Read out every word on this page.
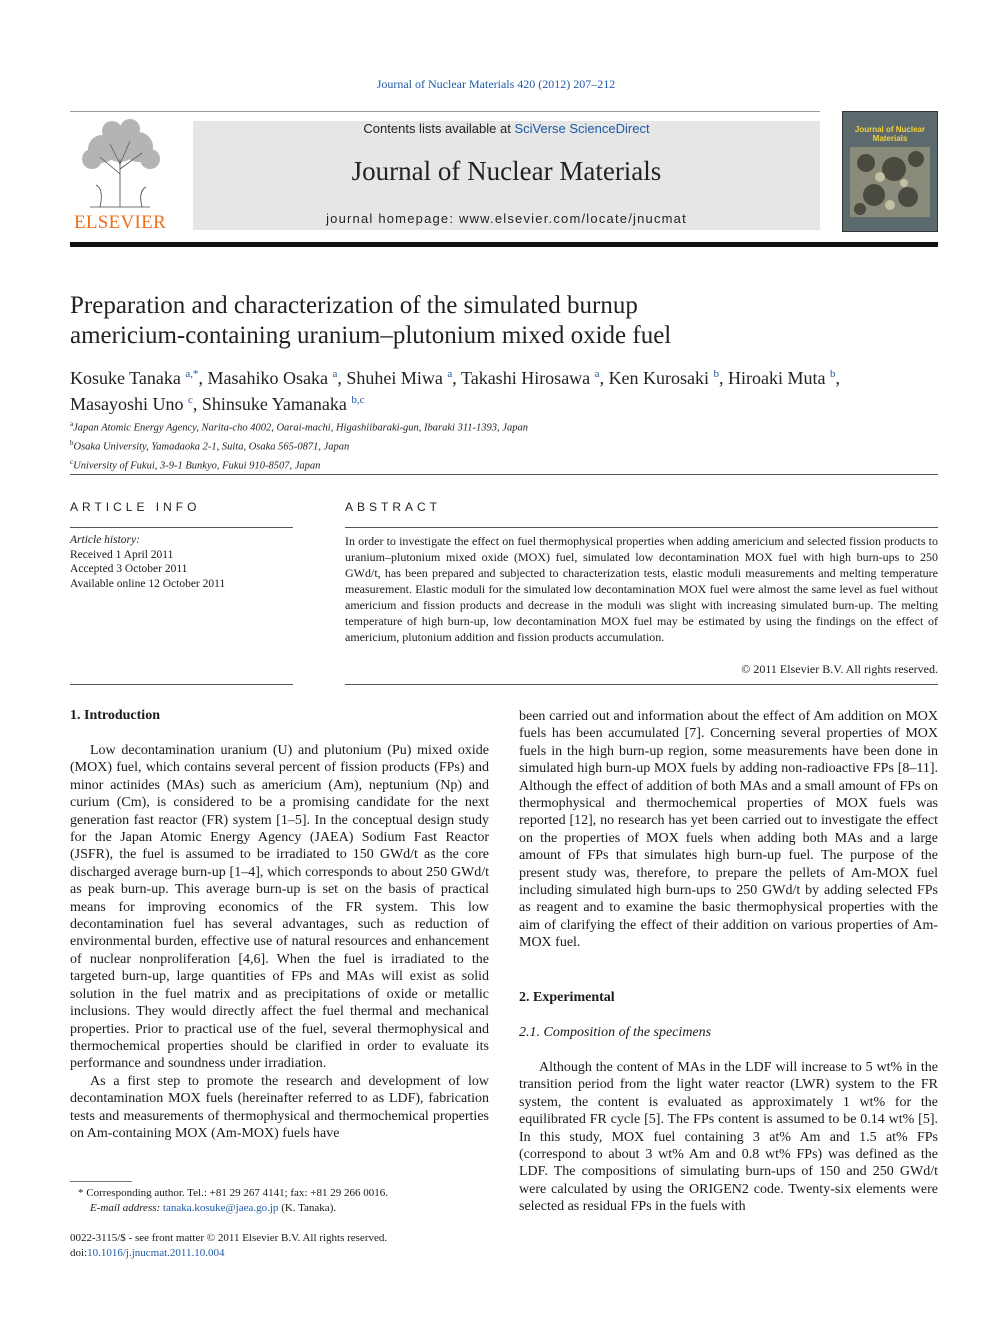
Journal of Nuclear Materials 420 (2012) 207–212
ELSEVIER
Contents lists available at SciVerse ScienceDirect
Journal of Nuclear Materials
journal homepage: www.elsevier.com/locate/jnucmat
Journal of Nuclear Materials
Preparation and characterization of the simulated burnup
americium-containing uranium–plutonium mixed oxide fuel
Kosuke Tanaka $^{a,*}$, Masahiko Osaka $^a$, Shuhei Miwa $^a$, Takashi Hirosawa $^a$, Ken Kurosaki $^b$, Hiroaki Muta $^b$,
Masayoshi Uno $^c$, Shinsuke Yamanaka $^{b,c}$
$^a$Japan Atomic Energy Agency, Narita-cho 4002, Oarai-machi, Higashiibaraki-gun, Ibaraki 311-1393, Japan
$^b$Osaka University, Yamadaoka 2-1, Suita, Osaka 565-0871, Japan
$^c$University of Fukui, 3-9-1 Bunkyo, Fukui 910-8507, Japan
ARTICLE INFO
Article history:
Received 1 April 2011
Accepted 3 October 2011
Available online 12 October 2011
ABSTRACT
In order to investigate the effect on fuel thermophysical properties when adding americium and selected fission products to uranium–plutonium mixed oxide (MOX) fuel, simulated low decontamination MOX fuel with high burn-ups to 250 GWd/t, has been prepared and subjected to characterization tests, elastic moduli measurements and melting temperature measurement. Elastic moduli for the simulated low decontamination MOX fuel were almost the same level as fuel without americium and fission products and decrease in the moduli was slight with increasing simulated burn-up. The melting temperature of high burn-up, low decontamination MOX fuel may be estimated by using the findings on the effect of americium, plutonium addition and fission products accumulation.
© 2011 Elsevier B.V. All rights reserved.
1. Introduction

Low decontamination uranium (U) and plutonium (Pu) mixed oxide (MOX) fuel, which contains several percent of fission products (FPs) and minor actinides (MAs) such as americium (Am), neptunium (Np) and curium (Cm), is considered to be a promising candidate for the next generation fast reactor (FR) system [1–5]. In the conceptual design study for the Japan Atomic Energy Agency (JAEA) Sodium Fast Reactor (JSFR), the fuel is assumed to be irradiated to 150 GWd/t as the core discharged average burn-up [1–4], which corresponds to about 250 GWd/t as peak burn-up. This average burn-up is set on the basis of practical means for improving economics of the FR system. This low decontamination fuel has several advantages, such as reduction of environmental burden, effective use of natural resources and enhancement of nuclear nonproliferation [4,6]. When the fuel is irradiated to the targeted burn-up, large quantities of FPs and MAs will exist as solid solution in the fuel matrix and as precipitations of oxide or metallic inclusions. They would directly affect the fuel thermal and mechanical properties. Prior to practical use of the fuel, several thermophysical and thermochemical properties should be clarified in order to evaluate its performance and soundness under irradiation.

As a first step to promote the research and development of low decontamination MOX fuels (hereinafter referred to as LDF), fabrication tests and measurements of thermophysical and thermochemical properties on Am-containing MOX (Am-MOX) fuels have

been carried out and information about the effect of Am addition on MOX fuels has been accumulated [7]. Concerning several properties of MOX fuels in the high burn-up region, some measurements have been done in simulated high burn-up MOX fuels by adding non-radioactive FPs [8–11]. Although the effect of addition of both MAs and a small amount of FPs on thermophysical and thermochemical properties of MOX fuels was reported [12], no research has yet been carried out to investigate the effect on the properties of MOX fuels when adding both MAs and a large amount of FPs that simulates high burn-up fuel. The purpose of the present study was, therefore, to prepare the pellets of Am-MOX fuel including simulated high burn-ups to 250 GWd/t by adding selected FPs as reagent and to examine the basic thermophysical properties with the aim of clarifying the effect of their addition on various properties of Am-MOX fuel.

2. Experimental
2.1. Composition of the specimens

Although the content of MAs in the LDF will increase to 5 wt% in the transition period from the light water reactor (LWR) system to the FR system, the content is evaluated as approximately 1 wt% for the equilibrated FR cycle [5]. The FPs content is assumed to be 0.14 wt% [5]. In this study, MOX fuel containing 3 at% Am and 1.5 at% FPs (correspond to about 3 wt% Am and 0.8 wt% FPs) was defined as the LDF. The compositions of simulating burn-ups of 150 and 250 GWd/t were calculated by using the ORIGEN2 code. Twenty-six elements were selected as residual FPs in the fuels with

* Corresponding author. Tel.: +81 29 267 4141; fax: +81 29 266 0016.
E-mail address: tanaka.kosuke@jaea.go.jp (K. Tanaka).
0022-3115/$ - see front matter © 2011 Elsevier B.V. All rights reserved.
doi:10.1016/j.jnucmat.2011.10.004
